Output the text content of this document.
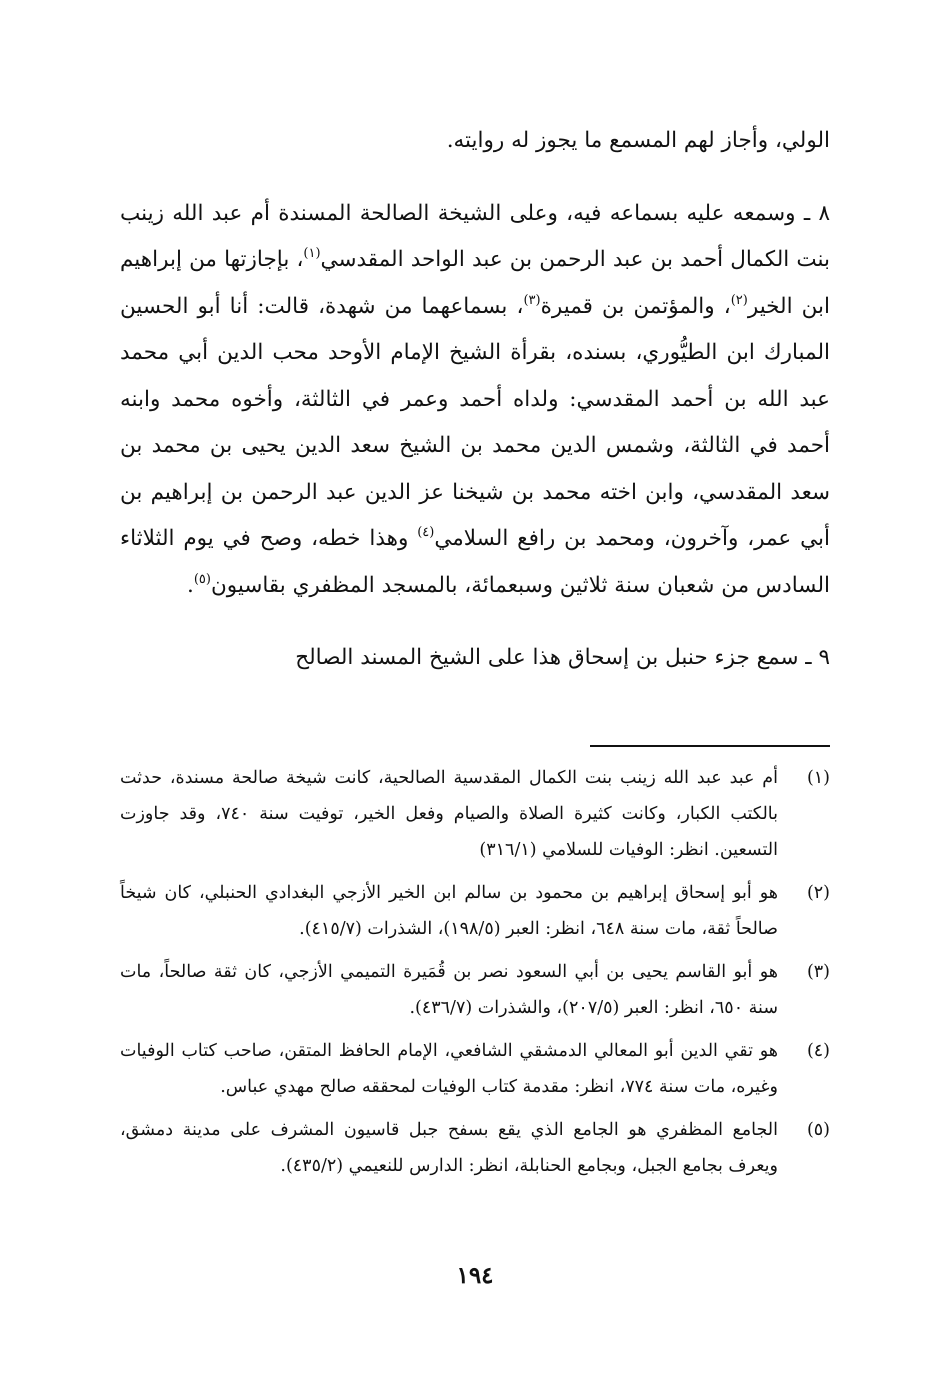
الولي، وأجاز لهم المسمع ما يجوز له روايته.

٨ ـ وسمعه عليه بسماعه فيه، وعلى الشيخة الصالحة المسندة أم عبد الله زينب بنت الكمال أحمد بن عبد الرحمن بن عبد الواحد المقدسي$^{(١)}$، بإجازتها من إبراهيم ابن الخير$^{(٢)}$، والمؤتمن بن قميرة$^{(٣)}$، بسماعهما من شهدة، قالت: أنا أبو الحسين المبارك ابن الطيُّوري، بسنده، بقرأة الشيخ الإمام الأوحد محب الدين أبي محمد عبد الله بن أحمد المقدسي: ولداه أحمد وعمر في الثالثة، وأخوه محمد وابنه أحمد في الثالثة، وشمس الدين محمد بن الشيخ سعد الدين يحيى بن محمد بن سعد المقدسي، وابن اخته محمد بن شيخنا عز الدين عبد الرحمن بن إبراهيم بن أبي عمر، وآخرون، ومحمد بن رافع السلامي$^{(٤)}$ وهذا خطه، وصح في يوم الثلاثاء السادس من شعبان سنة ثلاثين وسبعمائة، بالمسجد المظفري بقاسيون$^{(٥)}$.

٩ ـ سمع جزء حنبل بن إسحاق هذا على الشيخ المسند الصالح

(١)
أم عبد عبد الله زينب بنت الكمال المقدسية الصالحية، كانت شيخة صالحة مسندة، حدثت بالكتب الكبار، وكانت كثيرة الصلاة والصيام وفعل الخير، توفيت سنة ٧٤٠، وقد جاوزت التسعين. انظر: الوفيات للسلامي (٣١٦/١)
(٢)
هو أبو إسحاق إبراهيم بن محمود بن سالم ابن الخير الأزجي البغدادي الحنبلي، كان شيخاً صالحاً ثقة، مات سنة ٦٤٨، انظر: العبر (١٩٨/٥)، الشذرات (٤١٥/٧).
(٣)
هو أبو القاسم يحيى بن أبي السعود نصر بن قُمَيرة التميمي الأزجي، كان ثقة صالحاً، مات سنة ٦٥٠، انظر: العبر (٢٠٧/٥)، والشذرات (٤٣٦/٧).
(٤)
هو تقي الدين أبو المعالي الدمشقي الشافعي، الإمام الحافظ المتقن، صاحب كتاب الوفيات وغيره، مات سنة ٧٧٤، انظر: مقدمة كتاب الوفيات لمحققه صالح مهدي عباس.
(٥)
الجامع المظفري هو الجامع الذي يقع بسفح جبل قاسيون المشرف على مدينة دمشق، ويعرف بجامع الجبل، وبجامع الحنابلة، انظر: الدارس للنعيمي (٤٣٥/٢).
١٩٤
